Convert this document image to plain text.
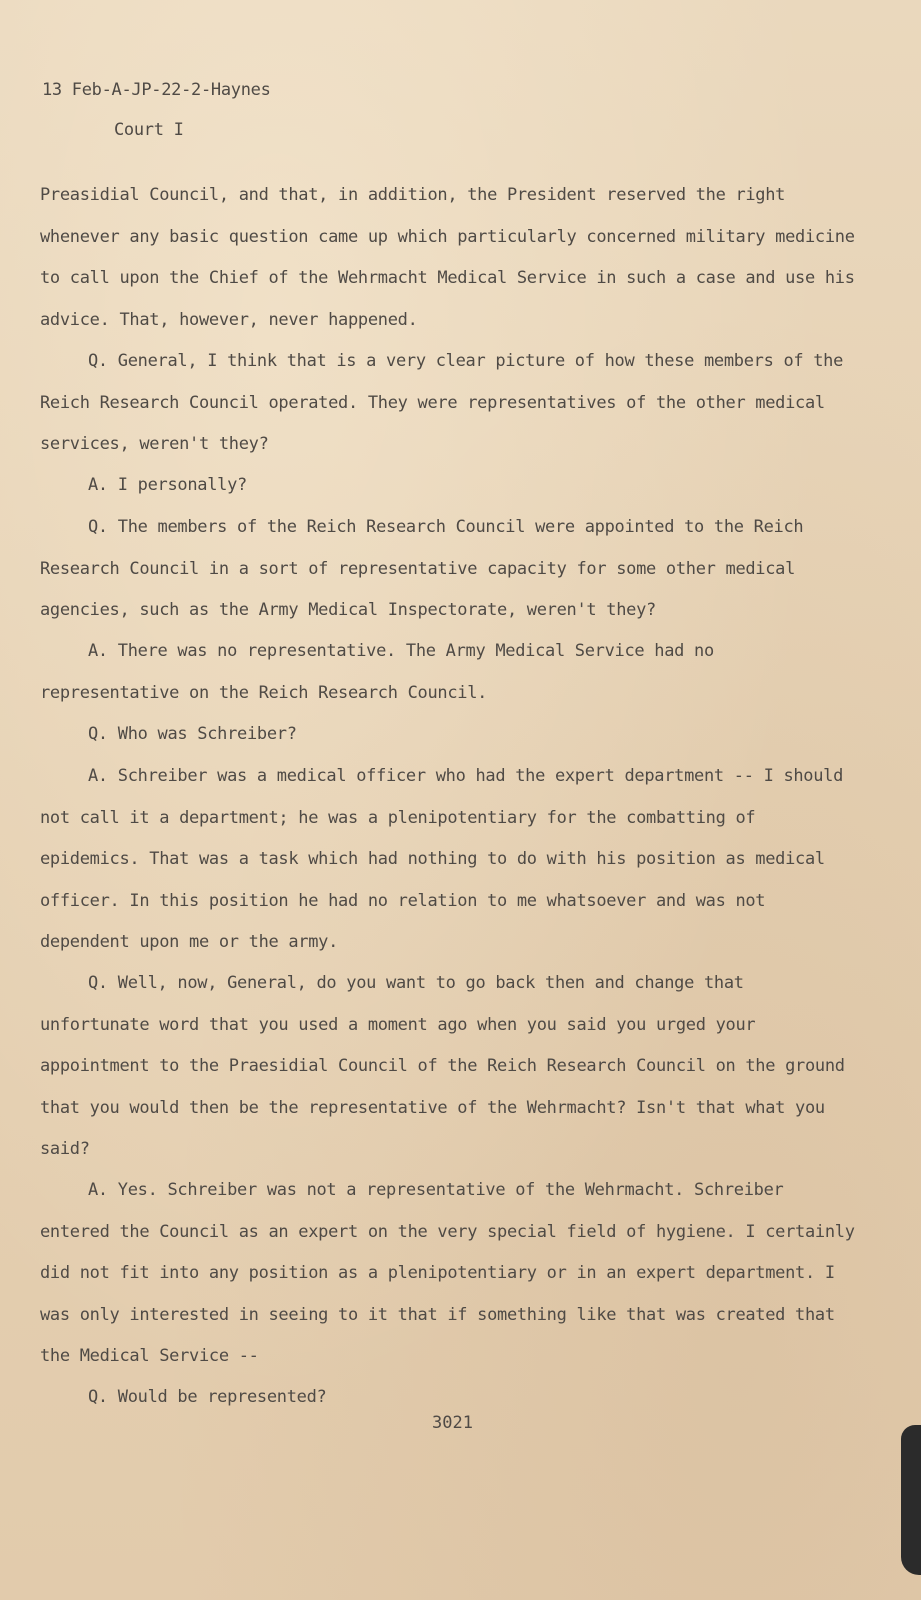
13 Feb-A-JP-22-2-Haynes
Court I
Preasidial Council, and that, in addition, the President reserved the right whenever any basic question came up which particularly concerned military medicine to call upon the Chief of the Wehrmacht Medical Service in such a case and use his advice. That, however, never happened.
Q. General, I think that is a very clear picture of how these members of the Reich Research Council operated. They were representatives of the other medical services, weren't they?
A. I personally?
Q. The members of the Reich Research Council were appointed to the Reich Research Council in a sort of representative capacity for some other medical agencies, such as the Army Medical Inspectorate, weren't they?
A. There was no representative. The Army Medical Service had no representative on the Reich Research Council.
Q. Who was Schreiber?
A. Schreiber was a medical officer who had the expert department -- I should not call it a department; he was a plenipotentiary for the combatting of epidemics. That was a task which had nothing to do with his position as medical officer. In this position he had no relation to me whatsoever and was not dependent upon me or the army.
Q. Well, now, General, do you want to go back then and change that unfortunate word that you used a moment ago when you said you urged your appointment to the Praesidial Council of the Reich Research Council on the ground that you would then be the representative of the Wehrmacht? Isn't that what you said?
A. Yes. Schreiber was not a representative of the Wehrmacht. Schreiber entered the Council as an expert on the very special field of hygiene. I certainly did not fit into any position as a plenipotentiary or in an expert department. I was only interested in seeing to it that if something like that was created that the Medical Service --
Q. Would be represented?
3021
